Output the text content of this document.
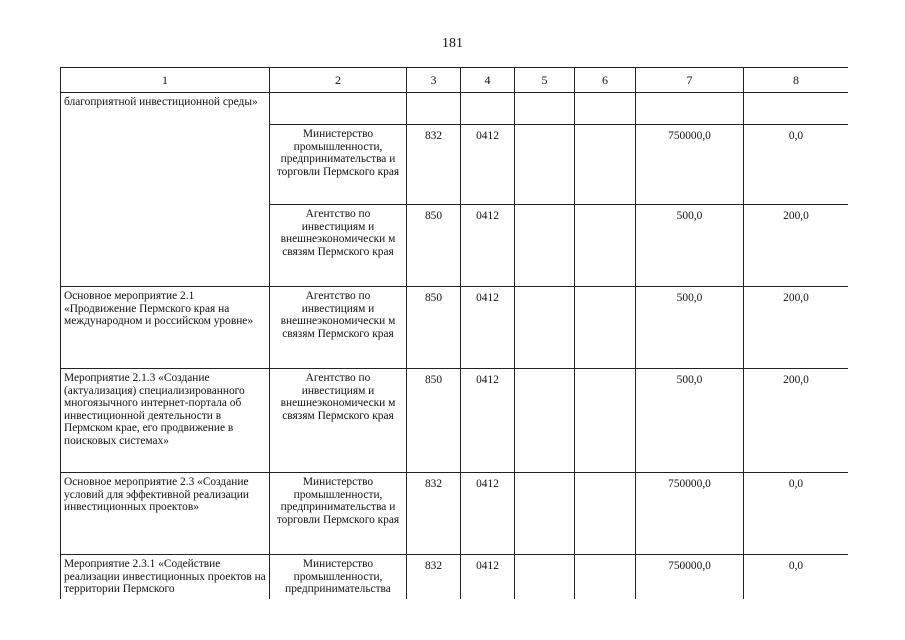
181
1	2	3	4	5	6	7	8
благоприятной инвестиционной среды»							
	Министерство промышленности, предпринимательства и торговли Пермского края	832	0412			750000,0	0,0
	Агентство по инвестициям и внешнеэкономически м связям Пермского края	850	0412			500,0	200,0
Основное мероприятие 2.1 «Продвижение Пермского края на международном и российском уровне»	Агентство по инвестициям и внешнеэкономически м связям Пермского края	850	0412			500,0	200,0
Мероприятие 2.1.3 «Создание (актуализация) специализированного многоязычного интернет-портала об инвестиционной деятельности в Пермском крае, его продвижение в поисковых системах»	Агентство по инвестициям и внешнеэкономически м связям Пермского края	850	0412			500,0	200,0
Основное мероприятие 2.3 «Создание условий для эффективной реализации инвестиционных проектов»	Министерство промышленности, предпринимательства и торговли Пермского края	832	0412			750000,0	0,0
Мероприятие 2.3.1 «Содействие реализации инвестиционных проектов на территории Пермского	Министерство промышленности, предпринимательства	832	0412			750000,0	0,0
